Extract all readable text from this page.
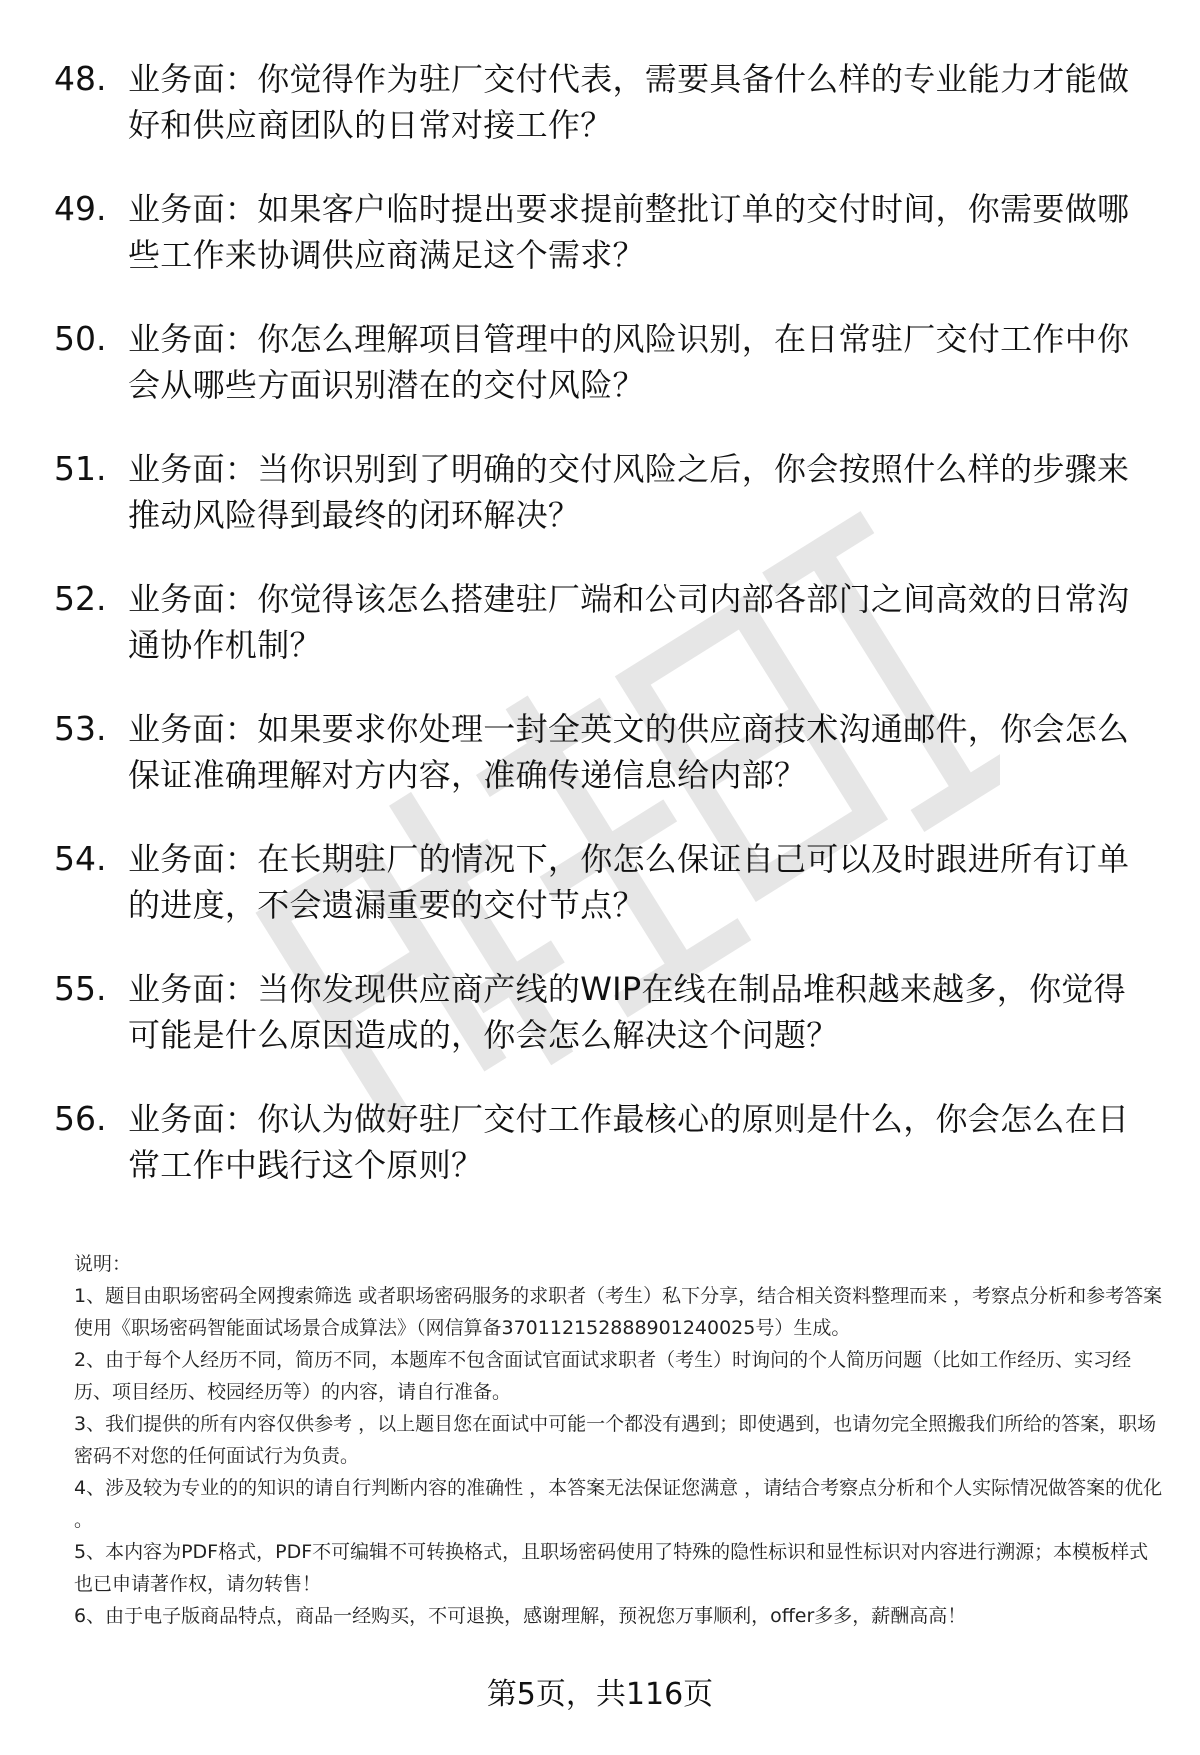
48. 业务面：你觉得作为驻厂交付代表，需要具备什么样的专业能力才能做好和供应商团队的日常对接工作？
49. 业务面：如果客户临时提出要求提前整批订单的交付时间，你需要做哪些工作来协调供应商满足这个需求？
50. 业务面：你怎么理解项目管理中的风险识别，在日常驻厂交付工作中你会从哪些方面识别潜在的交付风险？
51. 业务面：当你识别到了明确的交付风险之后，你会按照什么样的步骤来推动风险得到最终的闭环解决？
52. 业务面：你觉得该怎么搭建驻厂端和公司内部各部门之间高效的日常沟通协作机制？
53. 业务面：如果要求你处理一封全英文的供应商技术沟通邮件，你会怎么保证准确理解对方内容，准确传递信息给内部？
54. 业务面：在长期驻厂的情况下，你怎么保证自己可以及时跟进所有订单的进度，不会遗漏重要的交付节点？
55. 业务面：当你发现供应商产线的WIP在线在制品堆积越来越多，你觉得可能是什么原因造成的，你会怎么解决这个问题？
56. 业务面：你认为做好驻厂交付工作最核心的原则是什么，你会怎么在日常工作中践行这个原则？

说明：

1、题目由职场密码全网搜索筛选 或者职场密码服务的求职者（考生）私下分享，结合相关资料整理而来 ，考察点分析和参考答案使用《职场密码智能面试场景合成算法》（网信算备370112152888901240025号）生成。

2、由于每个人经历不同，简历不同，本题库不包含面试官面试求职者（考生）时询问的个人简历问题（比如工作经历、实习经历、项目经历、校园经历等）的内容，请自行准备。

3、我们提供的所有内容仅供参考 ，以上题目您在面试中可能一个都没有遇到；即使遇到，也请勿完全照搬我们所给的答案，职场密码不对您的任何面试行为负责。

4、涉及较为专业的的知识的请自行判断内容的准确性 ，本答案无法保证您满意 ，请结合考察点分析和个人实际情况做答案的优化 。

5、本内容为PDF格式，PDF不可编辑不可转换格式，且职场密码使用了特殊的隐性标识和显性标识对内容进行溯源；本模板样式也已申请著作权，请勿转售！

6、由于电子版商品特点，商品一经购买，不可退换，感谢理解，预祝您万事顺利，offer多多，薪酬高高！

第5页，共116页
